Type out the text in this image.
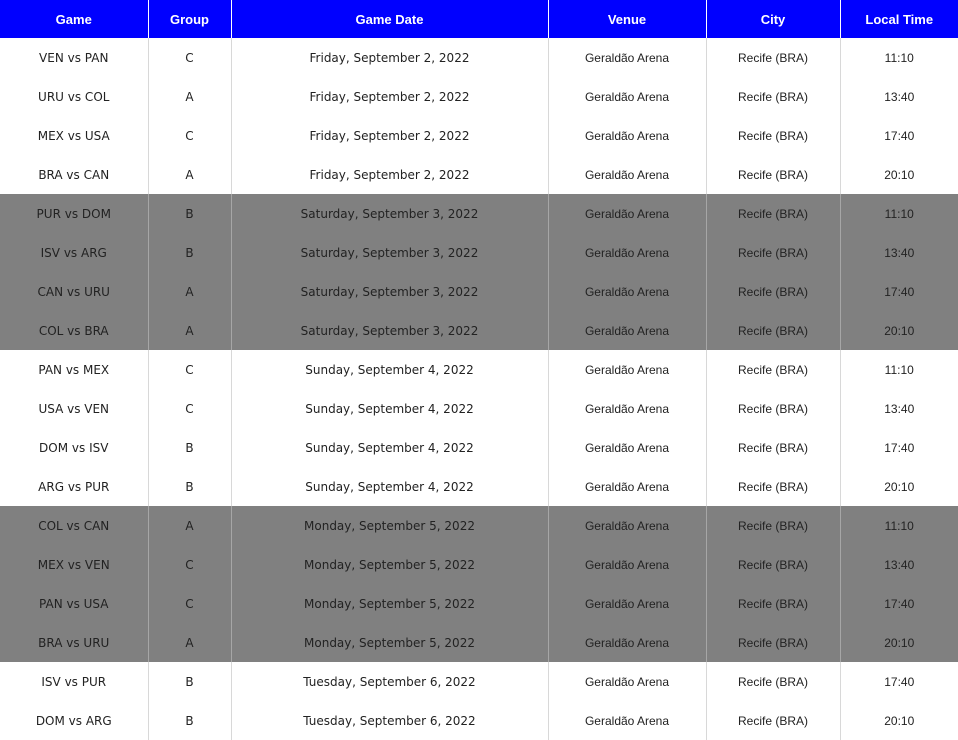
Game	Group	Game Date	Venue	City	Local Time
VEN vs PAN	C	Friday, September 2, 2022	Geraldão Arena	Recife (BRA)	11:10
URU vs COL	A	Friday, September 2, 2022	Geraldão Arena	Recife (BRA)	13:40
MEX vs USA	C	Friday, September 2, 2022	Geraldão Arena	Recife (BRA)	17:40
BRA vs CAN	A	Friday, September 2, 2022	Geraldão Arena	Recife (BRA)	20:10
PUR vs DOM	B	Saturday, September 3, 2022	Geraldão Arena	Recife (BRA)	11:10
ISV vs ARG	B	Saturday, September 3, 2022	Geraldão Arena	Recife (BRA)	13:40
CAN vs URU	A	Saturday, September 3, 2022	Geraldão Arena	Recife (BRA)	17:40
COL vs BRA	A	Saturday, September 3, 2022	Geraldão Arena	Recife (BRA)	20:10
PAN vs MEX	C	Sunday, September 4, 2022	Geraldão Arena	Recife (BRA)	11:10
USA vs VEN	C	Sunday, September 4, 2022	Geraldão Arena	Recife (BRA)	13:40
DOM vs ISV	B	Sunday, September 4, 2022	Geraldão Arena	Recife (BRA)	17:40
ARG vs PUR	B	Sunday, September 4, 2022	Geraldão Arena	Recife (BRA)	20:10
COL vs CAN	A	Monday, September 5, 2022	Geraldão Arena	Recife (BRA)	11:10
MEX vs VEN	C	Monday, September 5, 2022	Geraldão Arena	Recife (BRA)	13:40
PAN vs USA	C	Monday, September 5, 2022	Geraldão Arena	Recife (BRA)	17:40
BRA vs URU	A	Monday, September 5, 2022	Geraldão Arena	Recife (BRA)	20:10
ISV vs PUR	B	Tuesday, September 6, 2022	Geraldão Arena	Recife (BRA)	17:40
DOM vs ARG	B	Tuesday, September 6, 2022	Geraldão Arena	Recife (BRA)	20:10
